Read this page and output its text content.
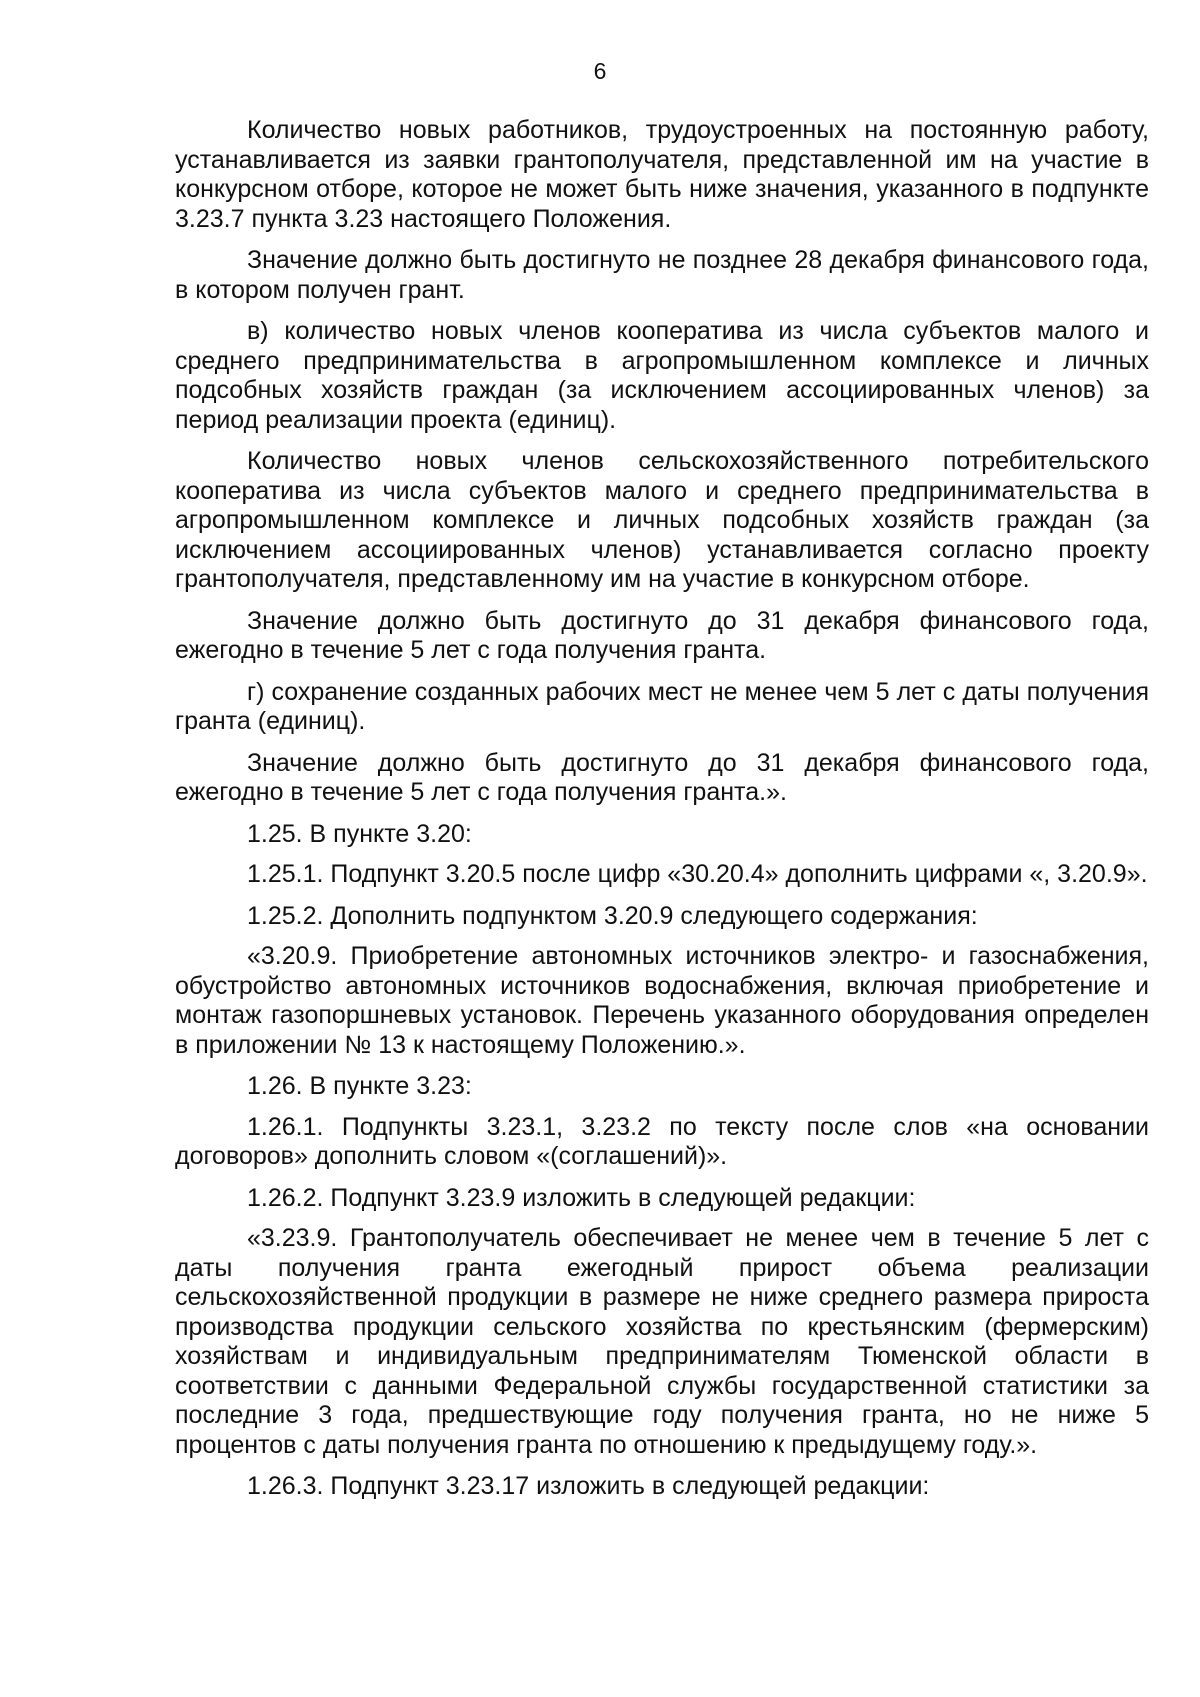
6

Количество новых работников, трудоустроенных на постоянную работу, устанавливается из заявки грантополучателя, представленной им на участие в конкурсном отборе, которое не может быть ниже значения, указанного в подпункте 3.23.7 пункта 3.23 настоящего Положения.

Значение должно быть достигнуто не позднее 28 декабря финансового года, в котором получен грант.

в) количество новых членов кооператива из числа субъектов малого и среднего предпринимательства в агропромышленном комплексе и личных подсобных хозяйств граждан (за исключением ассоциированных членов) за период реализации проекта (единиц).

Количество новых членов сельскохозяйственного потребительского кооператива из числа субъектов малого и среднего предпринимательства в агропромышленном комплексе и личных подсобных хозяйств граждан (за исключением ассоциированных членов) устанавливается согласно проекту грантополучателя, представленному им на участие в конкурсном отборе.

Значение должно быть достигнуто до 31 декабря финансового года, ежегодно в течение 5 лет с года получения гранта.

г) сохранение созданных рабочих мест не менее чем 5 лет с даты получения гранта (единиц).

Значение должно быть достигнуто до 31 декабря финансового года, ежегодно в течение 5 лет с года получения гранта.».

1.25. В пункте 3.20:

1.25.1. Подпункт 3.20.5 после цифр «30.20.4» дополнить цифрами «, 3.20.9».

1.25.2. Дополнить подпунктом 3.20.9 следующего содержания:

«3.20.9. Приобретение автономных источников электро- и газоснабжения, обустройство автономных источников водоснабжения, включая приобретение и монтаж газопоршневых установок. Перечень указанного оборудования определен в приложении № 13 к настоящему Положению.».

1.26. В пункте 3.23:

1.26.1. Подпункты 3.23.1, 3.23.2 по тексту после слов «на основании договоров» дополнить словом «(соглашений)».

1.26.2. Подпункт 3.23.9 изложить в следующей редакции:

«3.23.9. Грантополучатель обеспечивает не менее чем в течение 5 лет с даты получения гранта ежегодный прирост объема реализации сельскохозяйственной продукции в размере не ниже среднего размера прироста производства продукции сельского хозяйства по крестьянским (фермерским) хозяйствам и индивидуальным предпринимателям Тюменской области в соответствии с данными Федеральной службы государственной статистики за последние 3 года, предшествующие году получения гранта, но не ниже 5 процентов с даты получения гранта по отношению к предыдущему году.».

1.26.3. Подпункт 3.23.17 изложить в следующей редакции:
